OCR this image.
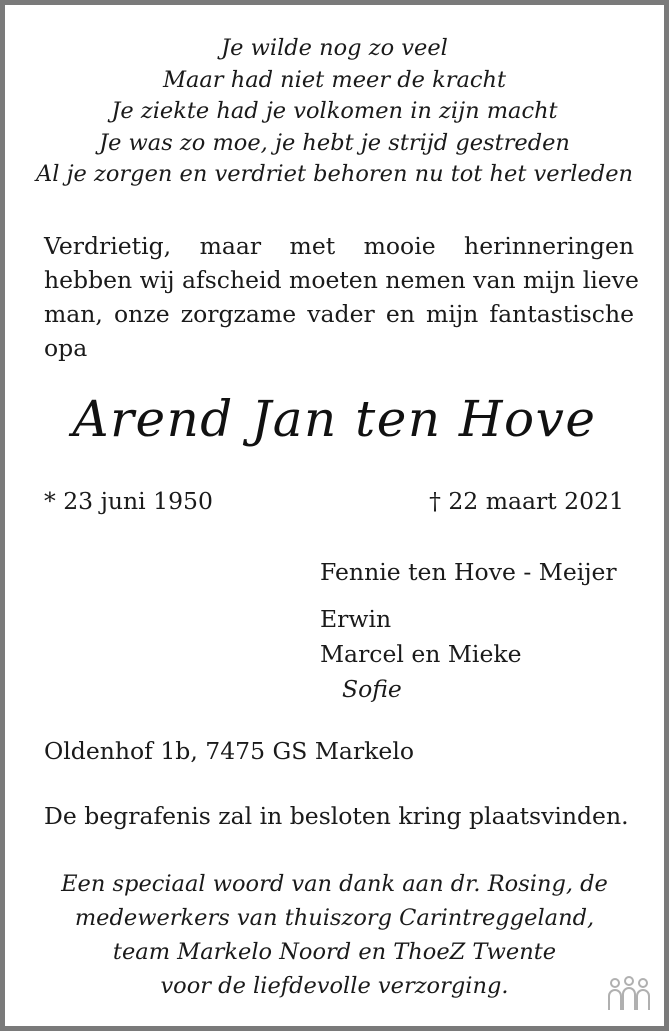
Je wilde nog zo veel
Maar had niet meer de kracht
Je ziekte had je volkomen in zijn macht
Je was zo moe, je hebt je strijd gestreden
Al je zorgen en verdriet behoren nu tot het verleden
Verdrietig, maar met mooie herinneringen
hebben wij afscheid moeten nemen van mijn lieve
man, onze zorgzame vader en mijn fantastische
opa
Arend Jan ten Hove
* 23 juni 1950	† 22 maart 2021
Fennie ten Hove - Meijer
Erwin
Marcel en Mieke
Sofie
Oldenhof 1b, 7475 GS Markelo
De begrafenis zal in besloten kring plaatsvinden.
Een speciaal woord van dank aan dr. Rosing, de
medewerkers van thuiszorg Carintreggeland,
team Markelo Noord en ThoeZ Twente
voor de liefdevolle verzorging.
